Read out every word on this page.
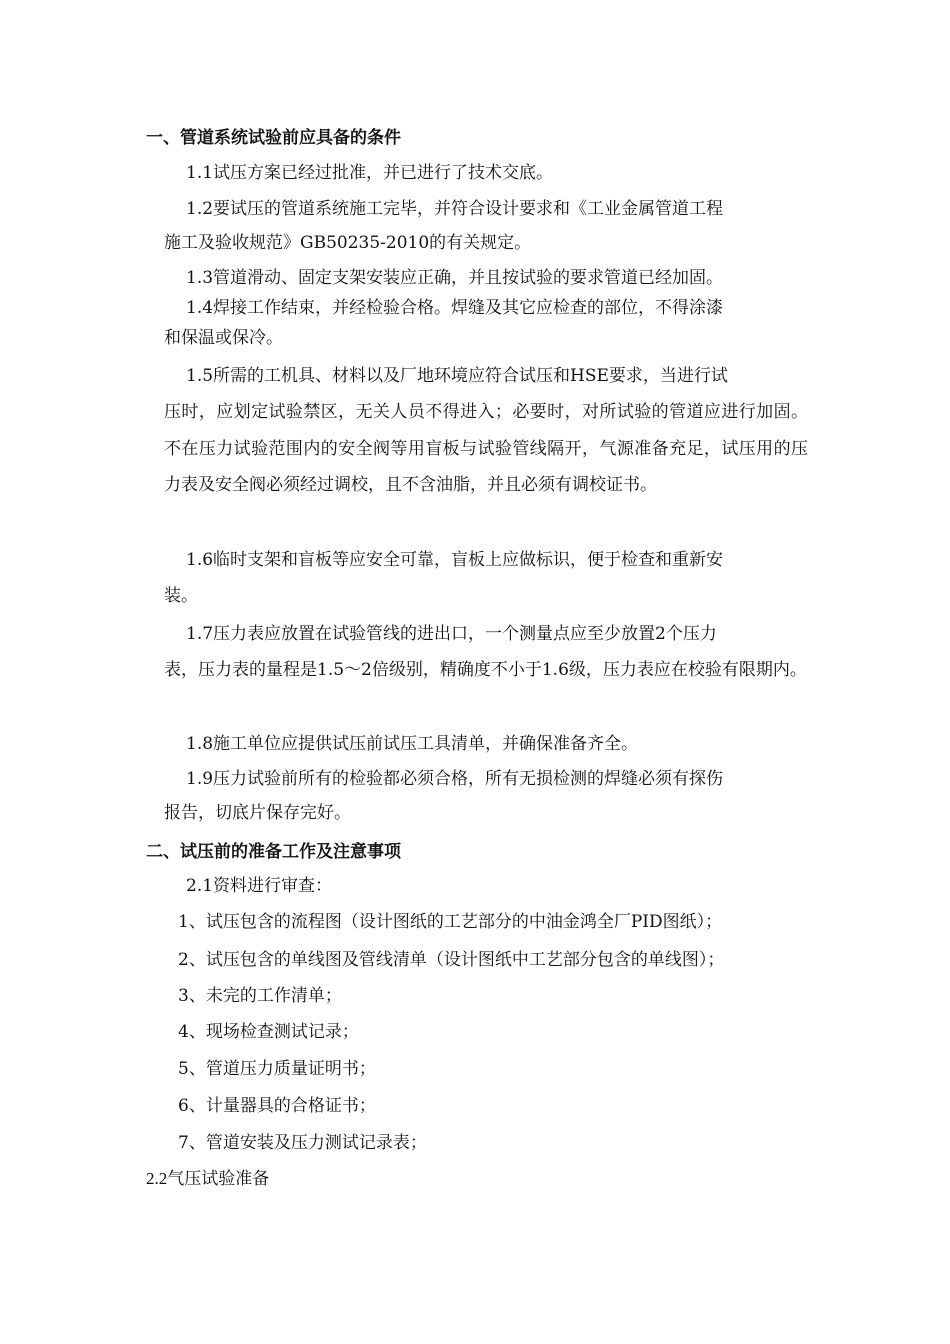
一、管道系统试验前应具备的条件
1.1试压方案已经过批准，并已进行了技术交底。
1.2要试压的管道系统施工完毕，并符合设计要求和《工业金属管道工程
施工及验收规范》GB50235-2010的有关规定。
1.3管道滑动、固定支架安装应正确，并且按试验的要求管道已经加固。
1.4焊接工作结束，并经检验合格。焊缝及其它应检查的部位，不得涂漆
和保温或保冷。
1.5所需的工机具、材料以及厂地环境应符合试压和HSE要求，当进行试
压时，应划定试验禁区，无关人员不得进入；必要时，对所试验的管道应进行加固。不在压力试验范围内的安全阀等用盲板与试验管线隔开，气源准备充足，试压用的压力表及安全阀必须经过调校，且不含油脂，并且必须有调校证书。
1.6临时支架和盲板等应安全可靠，盲板上应做标识，便于检查和重新安
装。
1.7压力表应放置在试验管线的进出口，一个测量点应至少放置2个压力
表，压力表的量程是1.5～2倍级别，精确度不小于1.6级，压力表应在校验有限期内。
1.8施工单位应提供试压前试压工具清单，并确保准备齐全。
1.9压力试验前所有的检验都必须合格，所有无损检测的焊缝必须有探伤
报告，切底片保存完好。
二、试压前的准备工作及注意事项
2.1资料进行审查：
1、试压包含的流程图（设计图纸的工艺部分的中油金鸿全厂PID图纸）；
2、试压包含的单线图及管线清单（设计图纸中工艺部分包含的单线图）；
3、未完的工作清单；
4、现场检查测试记录；
5、管道压力质量证明书；
6、计量器具的合格证书；
7、管道安装及压力测试记录表；
2.2气压试验准备
